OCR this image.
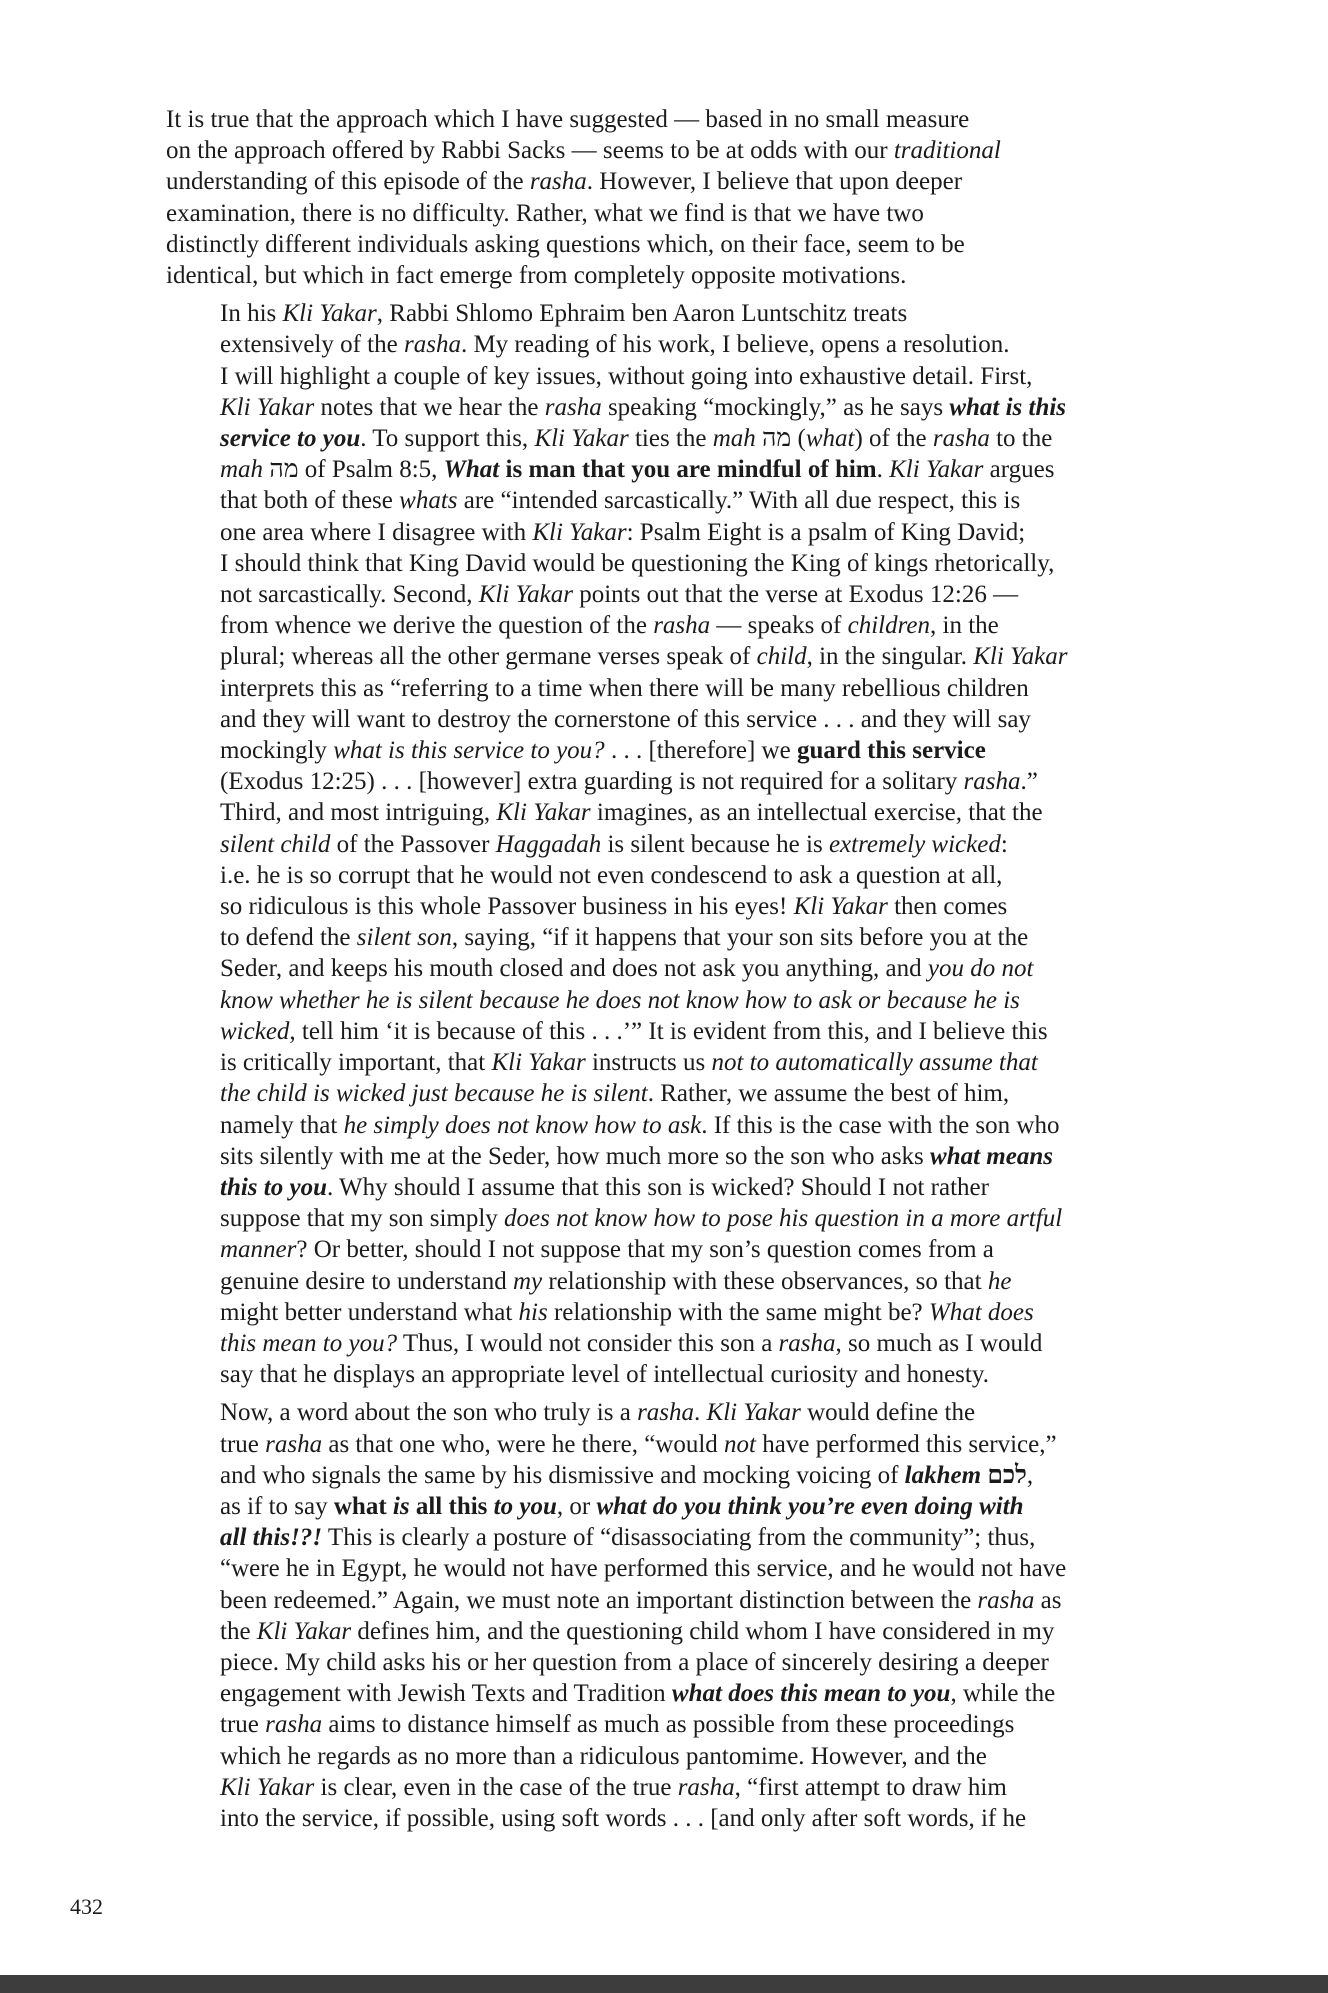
It is true that the approach which I have suggested — based in no small measure
on the approach offered by Rabbi Sacks — seems to be at odds with our traditional
understanding of this episode of the rasha. However, I believe that upon deeper
examination, there is no difficulty. Rather, what we find is that we have two
distinctly different individuals asking questions which, on their face, seem to be
identical, but which in fact emerge from completely opposite motivations.

In his Kli Yakar, Rabbi Shlomo Ephraim ben Aaron Luntschitz treats
extensively of the rasha. My reading of his work, I believe, opens a resolution.
I will highlight a couple of key issues, without going into exhaustive detail. First,
Kli Yakar notes that we hear the rasha speaking “mockingly,” as he says what is this
service to you. To support this, Kli Yakar ties the mah מה (what) of the rasha to the
mah מה of Psalm 8:5, What is man that you are mindful of him. Kli Yakar argues
that both of these whats are “intended sarcastically.” With all due respect, this is
one area where I disagree with Kli Yakar: Psalm Eight is a psalm of King David;
I should think that King David would be questioning the King of kings rhetorically,
not sarcastically. Second, Kli Yakar points out that the verse at Exodus 12:26 —
from whence we derive the question of the rasha — speaks of children, in the
plural; whereas all the other germane verses speak of child, in the singular. Kli Yakar
interprets this as “referring to a time when there will be many rebellious children
and they will want to destroy the cornerstone of this service . . . and they will say
mockingly what is this service to you? . . . [therefore] we guard this service
(Exodus 12:25) . . . [however] extra guarding is not required for a solitary rasha.”
Third, and most intriguing, Kli Yakar imagines, as an intellectual exercise, that the
silent child of the Passover Haggadah is silent because he is extremely wicked:
i.e. he is so corrupt that he would not even condescend to ask a question at all,
so ridiculous is this whole Passover business in his eyes! Kli Yakar then comes
to defend the silent son, saying, “if it happens that your son sits before you at the
Seder, and keeps his mouth closed and does not ask you anything, and you do not
know whether he is silent because he does not know how to ask or because he is
wicked, tell him ‘it is because of this . . .’” It is evident from this, and I believe this
is critically important, that Kli Yakar instructs us not to automatically assume that
the child is wicked just because he is silent. Rather, we assume the best of him,
namely that he simply does not know how to ask. If this is the case with the son who
sits silently with me at the Seder, how much more so the son who asks what means
this to you. Why should I assume that this son is wicked? Should I not rather
suppose that my son simply does not know how to pose his question in a more artful
manner? Or better, should I not suppose that my son’s question comes from a
genuine desire to understand my relationship with these observances, so that he
might better understand what his relationship with the same might be? What does
this mean to you? Thus, I would not consider this son a rasha, so much as I would
say that he displays an appropriate level of intellectual curiosity and honesty.

Now, a word about the son who truly is a rasha. Kli Yakar would define the
true rasha as that one who, were he there, “would not have performed this service,”
and who signals the same by his dismissive and mocking voicing of lakhem לכם,
as if to say what is all this to you, or what do you think you’re even doing with
all this!?! This is clearly a posture of “disassociating from the community”; thus,
“were he in Egypt, he would not have performed this service, and he would not have
been redeemed.” Again, we must note an important distinction between the rasha as
the Kli Yakar defines him, and the questioning child whom I have considered in my
piece. My child asks his or her question from a place of sincerely desiring a deeper
engagement with Jewish Texts and Tradition what does this mean to you, while the
true rasha aims to distance himself as much as possible from these proceedings
which he regards as no more than a ridiculous pantomime. However, and the
Kli Yakar is clear, even in the case of the true rasha, “first attempt to draw him
into the service, if possible, using soft words . . . [and only after soft words, if he

432
